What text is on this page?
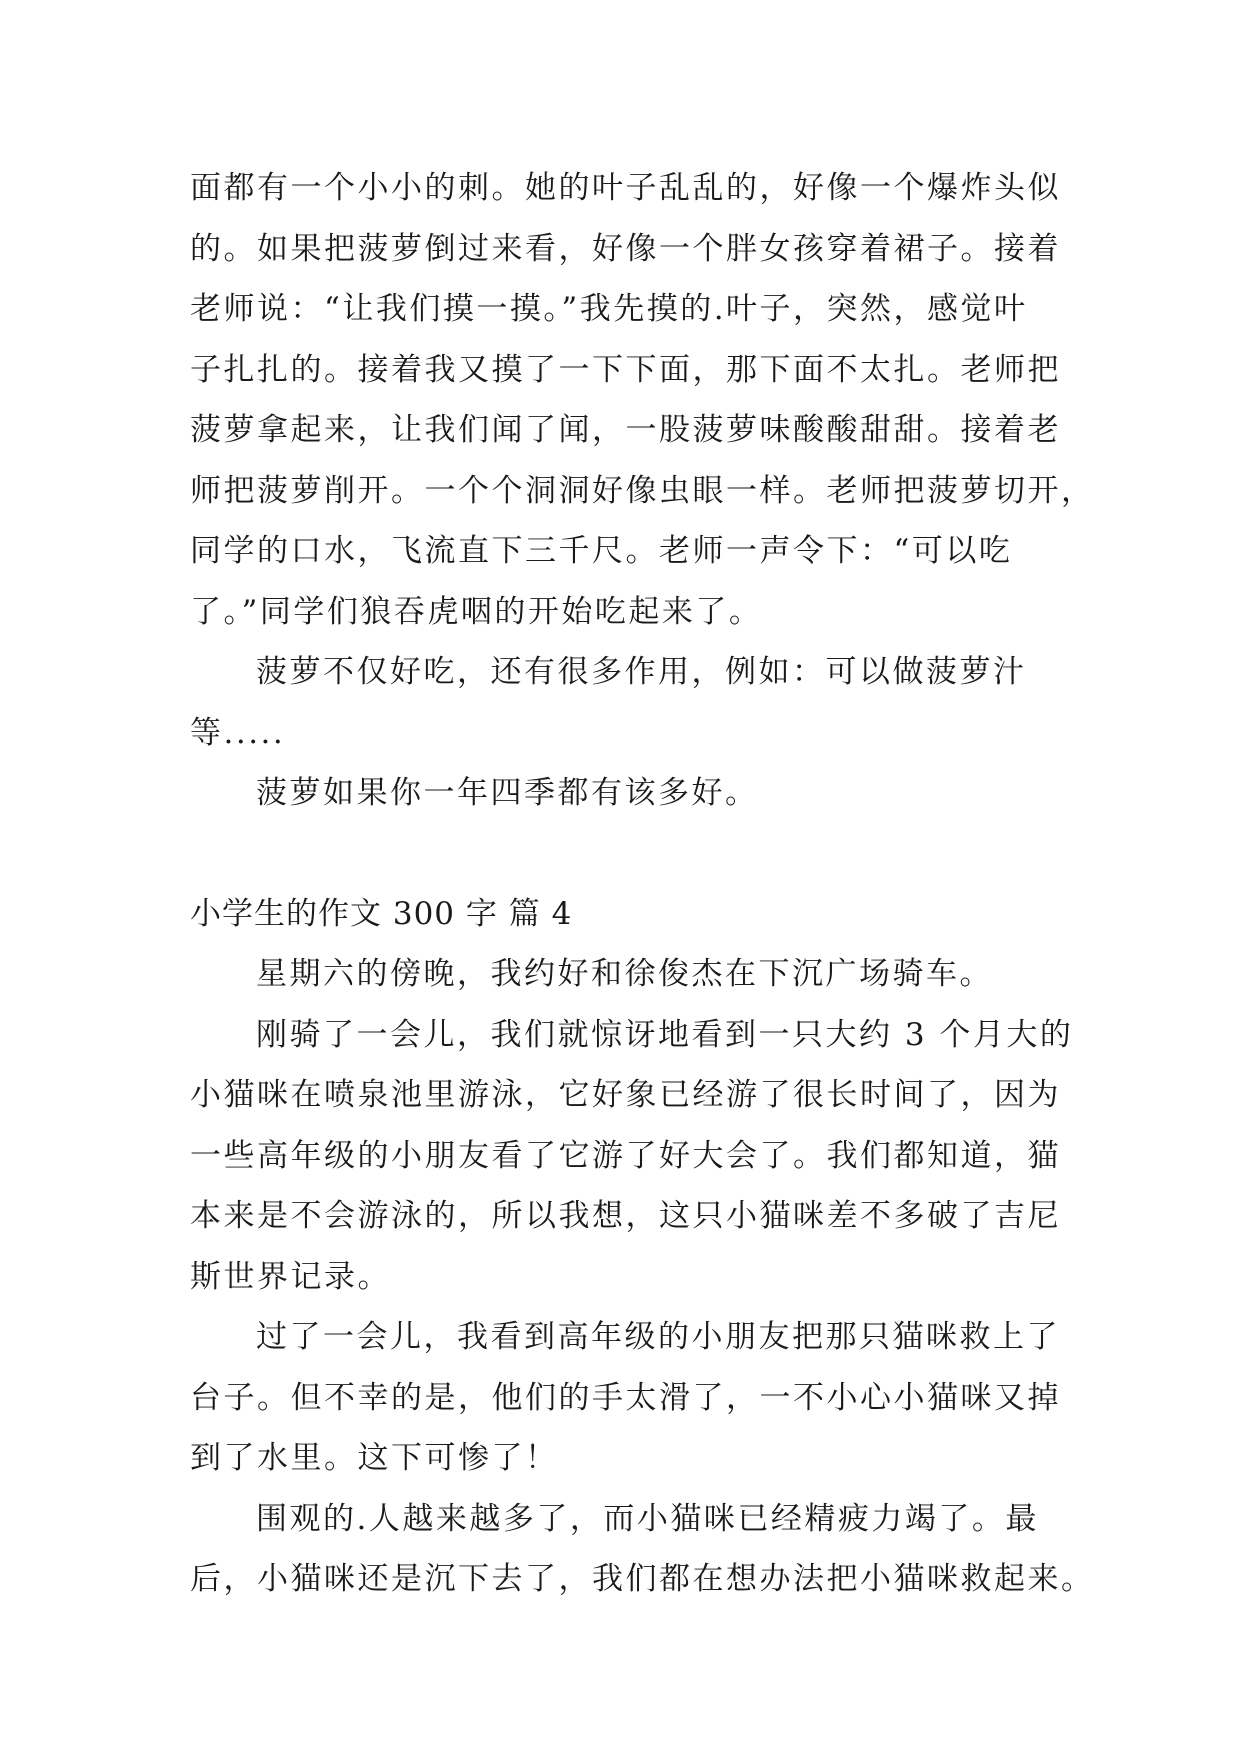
面都有一个小小的刺。她的叶子乱乱的，好像一个爆炸头似
的。如果把菠萝倒过来看，好像一个胖女孩穿着裙子。接着
老师说：“让我们摸一摸。”我先摸的.叶子，突然，感觉叶
子扎扎的。接着我又摸了一下下面，那下面不太扎。老师把
菠萝拿起来，让我们闻了闻，一股菠萝味酸酸甜甜。接着老
师把菠萝削开。一个个洞洞好像虫眼一样。老师把菠萝切开，
同学的口水，飞流直下三千尺。老师一声令下：“可以吃
了。”同学们狼吞虎咽的开始吃起来了。
菠萝不仅好吃，还有很多作用，例如：可以做菠萝汁
等.....
菠萝如果你一年四季都有该多好。
小学生的作文 300 字 篇 4
星期六的傍晚，我约好和徐俊杰在下沉广场骑车。
刚骑了一会儿，我们就惊讶地看到一只大约 3 个月大的
小猫咪在喷泉池里游泳，它好象已经游了很长时间了，因为
一些高年级的小朋友看了它游了好大会了。我们都知道，猫
本来是不会游泳的，所以我想，这只小猫咪差不多破了吉尼
斯世界记录。
过了一会儿，我看到高年级的小朋友把那只猫咪救上了
台子。但不幸的是，他们的手太滑了，一不小心小猫咪又掉
到了水里。这下可惨了！
围观的.人越来越多了，而小猫咪已经精疲力竭了。最
后，小猫咪还是沉下去了，我们都在想办法把小猫咪救起来。
